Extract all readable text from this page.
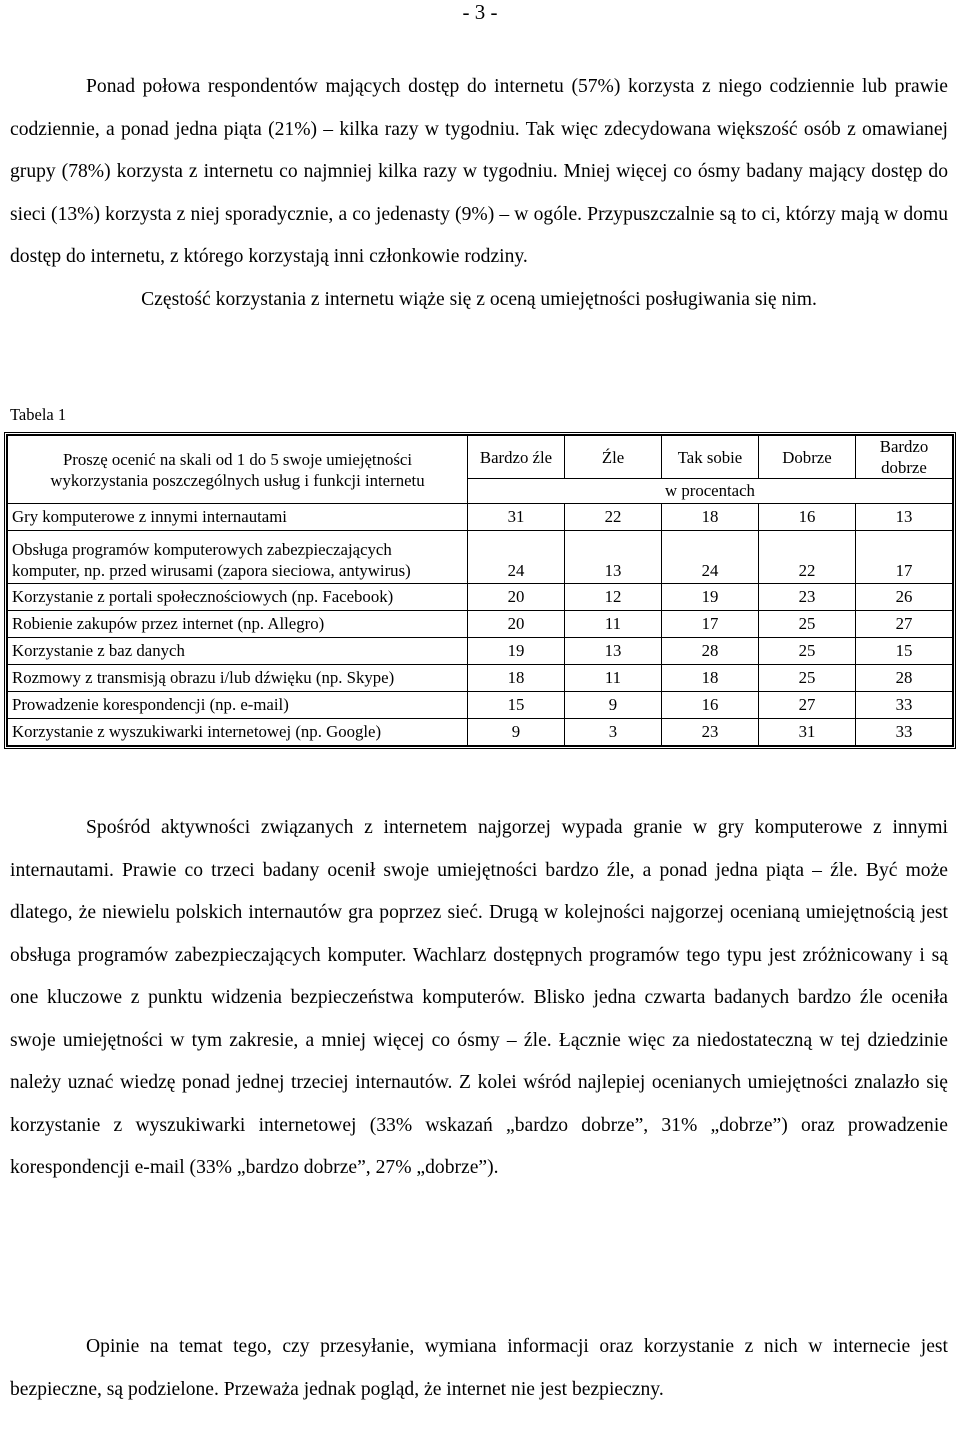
- 3 -

Ponad połowa respondentów mających dostęp do internetu (57%) korzysta z niego codziennie lub prawie codziennie, a ponad jedna piąta (21%) – kilka razy w tygodniu. Tak więc zdecydowana większość osób z omawianej grupy (78%) korzysta z internetu co najmniej kilka razy w tygodniu. Mniej więcej co ósmy badany mający dostęp do sieci (13%) korzysta z niej sporadycznie, a co jedenasty (9%) – w ogóle. Przypuszczalnie są to ci, którzy mają w domu dostęp do internetu, z którego korzystają inni członkowie rodziny.
Częstość korzystania z internetu wiąże się z oceną umiejętności posługiwania się nim.

Tabela 1
Proszę ocenić na skali od 1 do 5 swoje umiejętności wykorzystania poszczególnych usług i funkcji internetu	Bardzo źle	Źle	Tak sobie	Dobrze	Bardzo dobrze
	w procentach				
Gry komputerowe z innymi internautami	31	22	18	16	13
Obsługa programów komputerowych zabezpieczających komputer, np. przed wirusami (zapora sieciowa, antywirus)	24	13	24	22	17
Korzystanie z portali społecznościowych (np. Facebook)	20	12	19	23	26
Robienie zakupów przez internet (np. Allegro)	20	11	17	25	27
Korzystanie z baz danych	19	13	28	25	15
Rozmowy z transmisją obrazu i/lub dźwięku (np. Skype)	18	11	18	25	28
Prowadzenie korespondencji (np. e-mail)	15	9	16	27	33
Korzystanie z wyszukiwarki internetowej (np. Google)	9	3	23	31	33

Spośród aktywności związanych z internetem najgorzej wypada granie w gry komputerowe z innymi internautami. Prawie co trzeci badany ocenił swoje umiejętności bardzo źle, a ponad jedna piąta – źle. Być może dlatego, że niewielu polskich internautów gra poprzez sieć. Drugą w kolejności najgorzej ocenianą umiejętnością jest obsługa programów zabezpieczających komputer. Wachlarz dostępnych programów tego typu jest zróżnicowany i są one kluczowe z punktu widzenia bezpieczeństwa komputerów. Blisko jedna czwarta badanych bardzo źle oceniła swoje umiejętności w tym zakresie, a mniej więcej co ósmy – źle. Łącznie więc za niedostateczną w tej dziedzinie należy uznać wiedzę ponad jednej trzeciej internautów. Z kolei wśród najlepiej ocenianych umiejętności znalazło się korzystanie z wyszukiwarki internetowej (33% wskazań „bardzo dobrze”, 31% „dobrze”) oraz prowadzenie korespondencji e-mail (33% „bardzo dobrze”, 27% „dobrze”).

Opinie na temat tego, czy przesyłanie, wymiana informacji oraz korzystanie z nich w internecie jest bezpieczne, są podzielone. Przeważa jednak pogląd, że internet nie jest bezpieczny.
